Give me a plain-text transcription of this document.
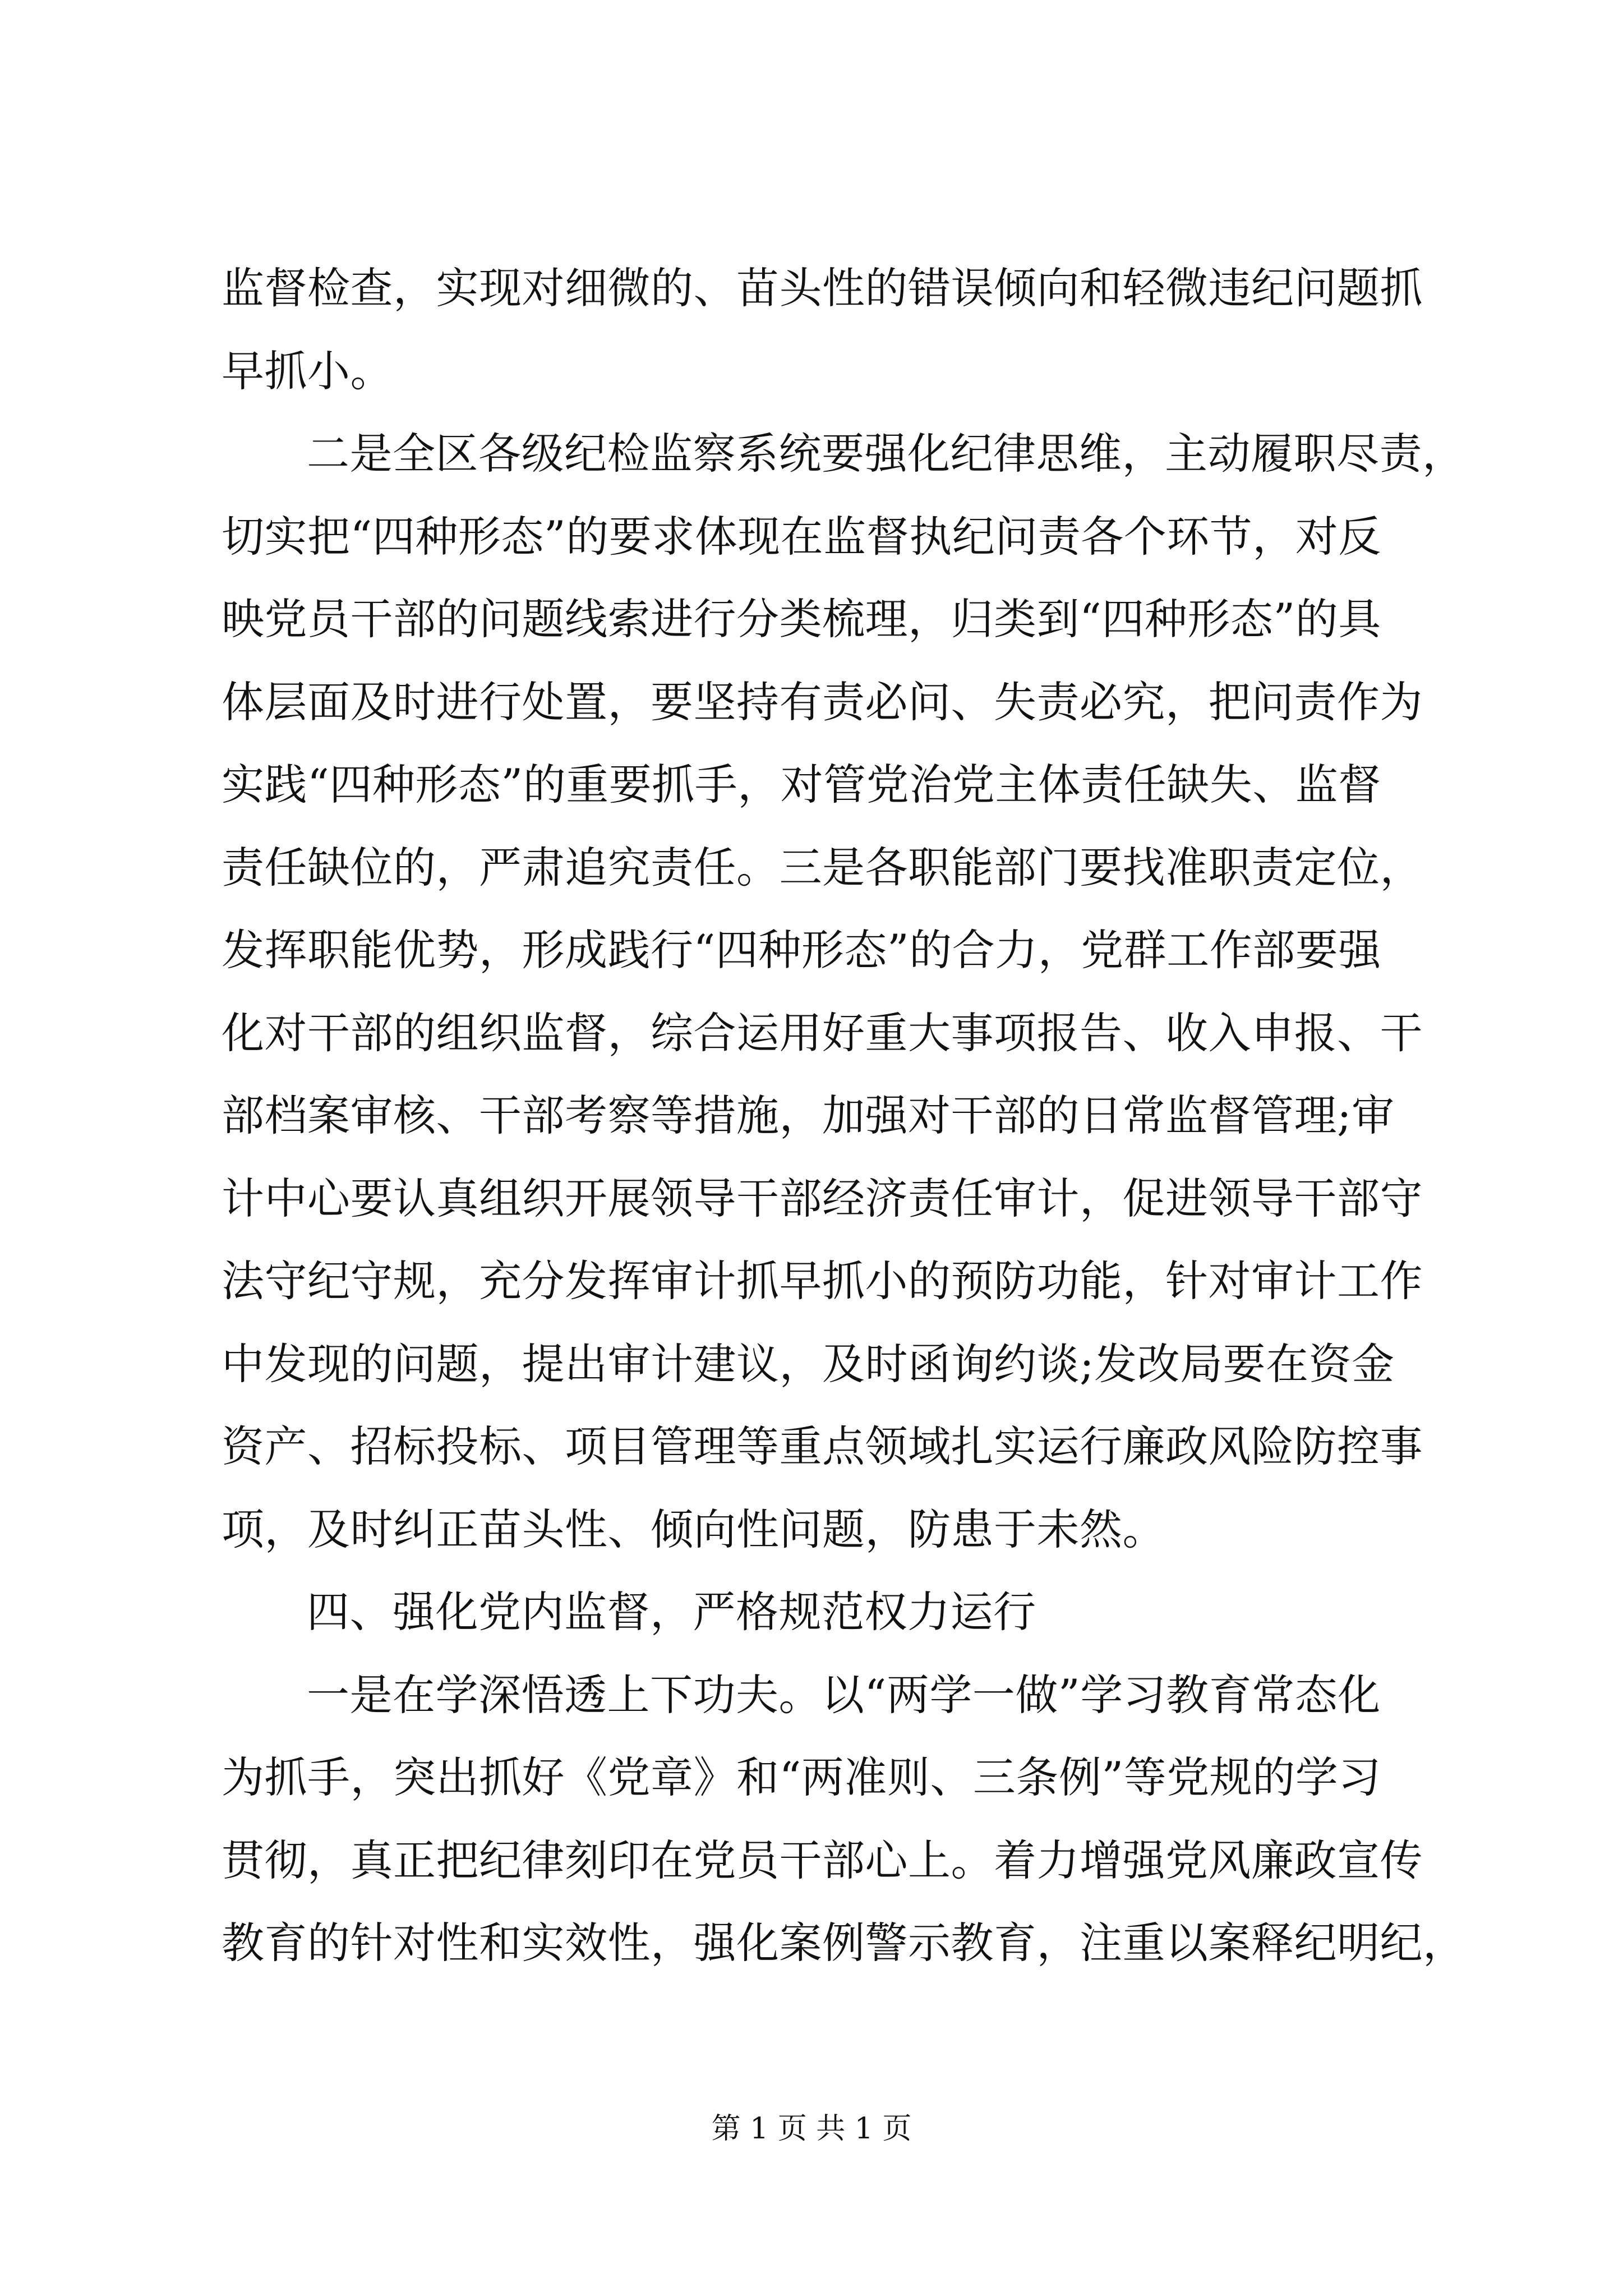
监督检查，实现对细微的、苗头性的错误倾向和轻微违纪问题抓
早抓小。
二是全区各级纪检监察系统要强化纪律思维，主动履职尽责，
切实把“四种形态”的要求体现在监督执纪问责各个环节，对反
映党员干部的问题线索进行分类梳理，归类到“四种形态”的具
体层面及时进行处置，要坚持有责必问、失责必究，把问责作为
实践“四种形态”的重要抓手，对管党治党主体责任缺失、监督
责任缺位的，严肃追究责任。三是各职能部门要找准职责定位，
发挥职能优势，形成践行“四种形态”的合力，党群工作部要强
化对干部的组织监督，综合运用好重大事项报告、收入申报、干
部档案审核、干部考察等措施，加强对干部的日常监督管理;审
计中心要认真组织开展领导干部经济责任审计，促进领导干部守
法守纪守规，充分发挥审计抓早抓小的预防功能，针对审计工作
中发现的问题，提出审计建议，及时函询约谈;发改局要在资金
资产、招标投标、项目管理等重点领域扎实运行廉政风险防控事
项，及时纠正苗头性、倾向性问题，防患于未然。
四、强化党内监督，严格规范权力运行
一是在学深悟透上下功夫。以“两学一做”学习教育常态化
为抓手，突出抓好《党章》和“两准则、三条例”等党规的学习
贯彻，真正把纪律刻印在党员干部心上。着力增强党风廉政宣传
教育的针对性和实效性，强化案例警示教育，注重以案释纪明纪，
第 1 页 共 1 页
